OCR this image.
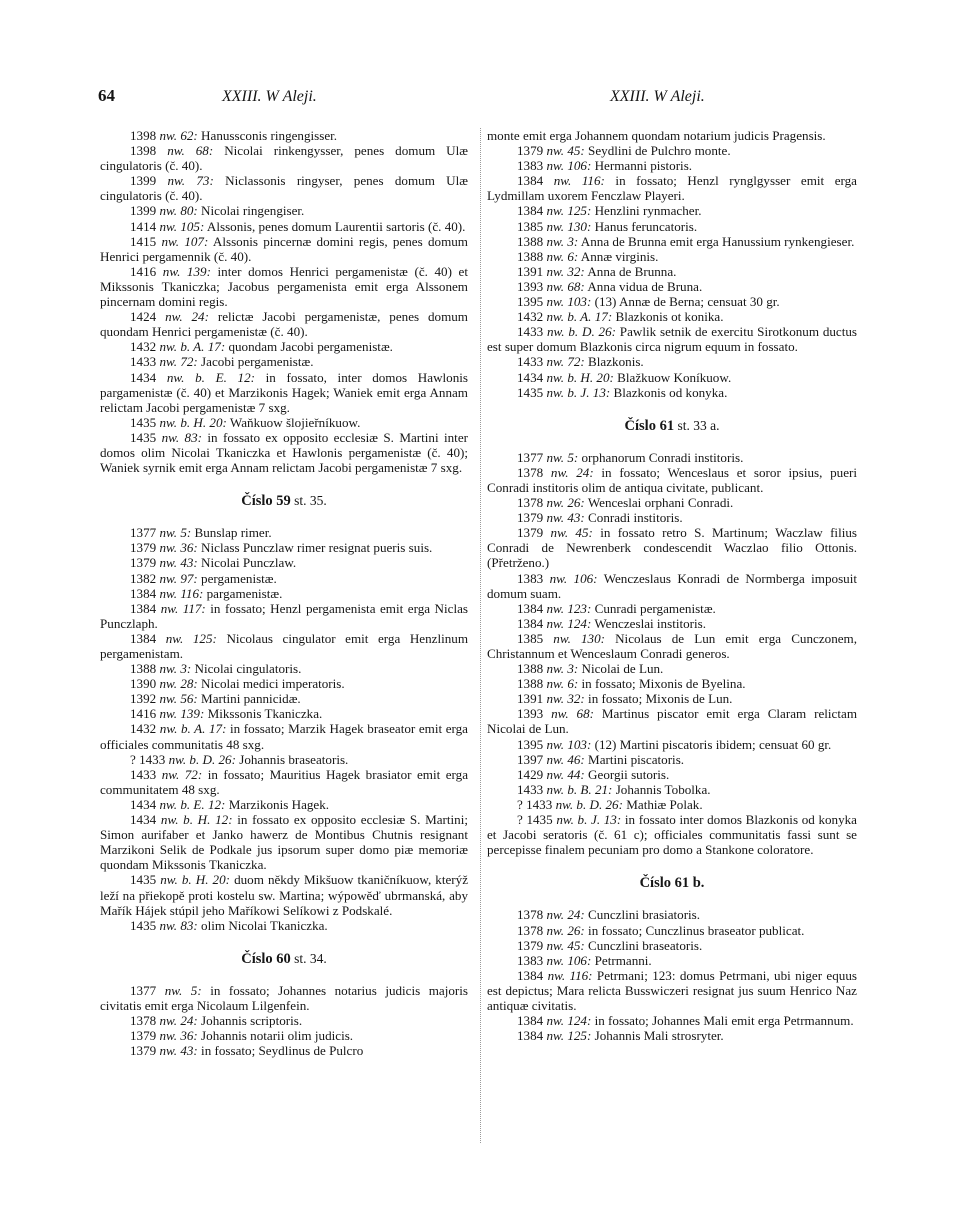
64	XXIII. W Aleji.	XXIII. W Aleji.

1398 nw. 62: Hanussconis ringengisser.

1398 nw. 68: Nicolai rinkengysser, penes domum Ulæ cingulatoris (č. 40).

1399 nw. 73: Niclassonis ringyser, penes domum Ulæ cingulatoris (č. 40).

1399 nw. 80: Nicolai ringengiser.

1414 nw. 105: Alssonis, penes domum Laurentii sartoris (č. 40).

1415 nw. 107: Alssonis pincernæ domini regis, penes domum Henrici pergamennik (č. 40).

1416 nw. 139: inter domos Henrici pergamenistæ (č. 40) et Mikssonis Tkaniczka; Jacobus pergamenista emit erga Alssonem pincernam domini regis.

1424 nw. 24: relictæ Jacobi pergamenistæ, penes domum quondam Henrici pergamenistæ (č. 40).

1432 nw. b. A. 17: quondam Jacobi pergamenistæ.

1433 nw. 72: Jacobi pergamenistæ.

1434 nw. b. E. 12: in fossato, inter domos Hawlonis pargamenistæ (č. 40) et Marzikonis Hagek; Waniek emit erga Annam relictam Jacobi pergamenistæ 7 sxg.

1435 nw. b. H. 20: Waňkuow šlojieřníkuow.

1435 nw. 83: in fossato ex opposito ecclesiæ S. Martini inter domos olim Nicolai Tkaniczka et Hawlonis pergamenistæ (č. 40); Waniek syrnik emit erga Annam relictam Jacobi pergamenistæ 7 sxg.

Číslo 59 st. 35.

1377 nw. 5: Bunslap rimer.

1379 nw. 36: Niclass Punczlaw rimer resignat pueris suis.

1379 nw. 43: Nicolai Punczlaw.

1382 nw. 97: pergamenistæ.

1384 nw. 116: pargamenistæ.

1384 nw. 117: in fossato; Henzl pergamenista emit erga Niclas Punczlaph.

1384 nw. 125: Nicolaus cingulator emit erga Henzlinum pergamenistam.

1388 nw. 3: Nicolai cingulatoris.

1390 nw. 28: Nicolai medici imperatoris.

1392 nw. 56: Martini pannicidæ.

1416 nw. 139: Mikssonis Tkaniczka.

1432 nw. b. A. 17: in fossato; Marzik Hagek braseator emit erga officiales communitatis 48 sxg.

? 1433 nw. b. D. 26: Johannis braseatoris.

1433 nw. 72: in fossato; Mauritius Hagek brasiator emit erga communitatem 48 sxg.

1434 nw. b. E. 12: Marzikonis Hagek.

1434 nw. b. H. 12: in fossato ex opposito ecclesiæ S. Martini; Simon aurifaber et Janko hawerz de Montibus Chutnis resignant Marzikoni Selik de Podkale jus ipsorum super domo piæ memoriæ quondam Mikssonis Tkaniczka.

1435 nw. b. H. 20: duom někdy Mikšuow tkaničníkuow, kterýž leží na přiekopě proti kostelu sw. Martina; wýpowěď ubrmanská, aby Mařík Hájek stúpil jeho Maříkowi Selíkowi z Podskalé.

1435 nw. 83: olim Nicolai Tkaniczka.

Číslo 60 st. 34.

1377 nw. 5: in fossato; Johannes notarius judicis majoris civitatis emit erga Nicolaum Lilgenfein.

1378 nw. 24: Johannis scriptoris.

1379 nw. 36: Johannis notarii olim judicis.

1379 nw. 43: in fossato; Seydlinus de Pulcro

monte emit erga Johannem quondam notarium judicis Pragensis.

1379 nw. 45: Seydlini de Pulchro monte.

1383 nw. 106: Hermanni pistoris.

1384 nw. 116: in fossato; Henzl rynglgysser emit erga Lydmillam uxorem Fenczlaw Playeri.

1384 nw. 125: Henzlini rynmacher.

1385 nw. 130: Hanus feruncatoris.

1388 nw. 3: Anna de Brunna emit erga Hanussium rynkengieser.

1388 nw. 6: Annæ virginis.

1391 nw. 32: Anna de Brunna.

1393 nw. 68: Anna vidua de Bruna.

1395 nw. 103: (13) Annæ de Berna; censuat 30 gr.

1432 nw. b. A. 17: Blazkonis ot konika.

1433 nw. b. D. 26: Pawlik setnik de exercitu Sirotkonum ductus est super domum Blazkonis circa nigrum equum in fossato.

1433 nw. 72: Blazkonis.

1434 nw. b. H. 20: Blažkuow Koníkuow.

1435 nw. b. J. 13: Blazkonis od konyka.

Číslo 61 st. 33 a.

1377 nw. 5: orphanorum Conradi institoris.

1378 nw. 24: in fossato; Wenceslaus et soror ipsius, pueri Conradi institoris olim de antiqua civitate, publicant.

1378 nw. 26: Wenceslai orphani Conradi.

1379 nw. 43: Conradi institoris.

1379 nw. 45: in fossato retro S. Martinum; Waczlaw filius Conradi de Newrenberk condescendit Waczlao filio Ottonis. (Přetrženo.)

1383 nw. 106: Wenczeslaus Konradi de Normberga imposuit domum suam.

1384 nw. 123: Cunradi pergamenistæ.

1384 nw. 124: Wenczeslai institoris.

1385 nw. 130: Nicolaus de Lun emit erga Cunczonem, Christannum et Wenceslaum Conradi generos.

1388 nw. 3: Nicolai de Lun.

1388 nw. 6: in fossato; Mixonis de Byelina.

1391 nw. 32: in fossato; Mixonis de Lun.

1393 nw. 68: Martinus piscator emit erga Claram relictam Nicolai de Lun.

1395 nw. 103: (12) Martini piscatoris ibidem; censuat 60 gr.

1397 nw. 46: Martini piscatoris.

1429 nw. 44: Georgii sutoris.

1433 nw. b. B. 21: Johannis Tobolka.

? 1433 nw. b. D. 26: Mathiæ Polak.

? 1435 nw. b. J. 13: in fossato inter domos Blazkonis od konyka et Jacobi seratoris (č. 61 c); officiales communitatis fassi sunt se percepisse finalem pecuniam pro domo a Stankone coloratore.

Číslo 61 b.

1378 nw. 24: Cunczlini brasiatoris.

1378 nw. 26: in fossato; Cunczlinus braseator publicat.

1379 nw. 45: Cunczlini braseatoris.

1383 nw. 106: Petrmanni.

1384 nw. 116: Petrmani; 123: domus Petrmani, ubi niger equus est depictus; Mara relicta Busswiczeri resignat jus suum Henrico Naz antiquæ civitatis.

1384 nw. 124: in fossato; Johannes Mali emit erga Petrmannum.

1384 nw. 125: Johannis Mali strosryter.
